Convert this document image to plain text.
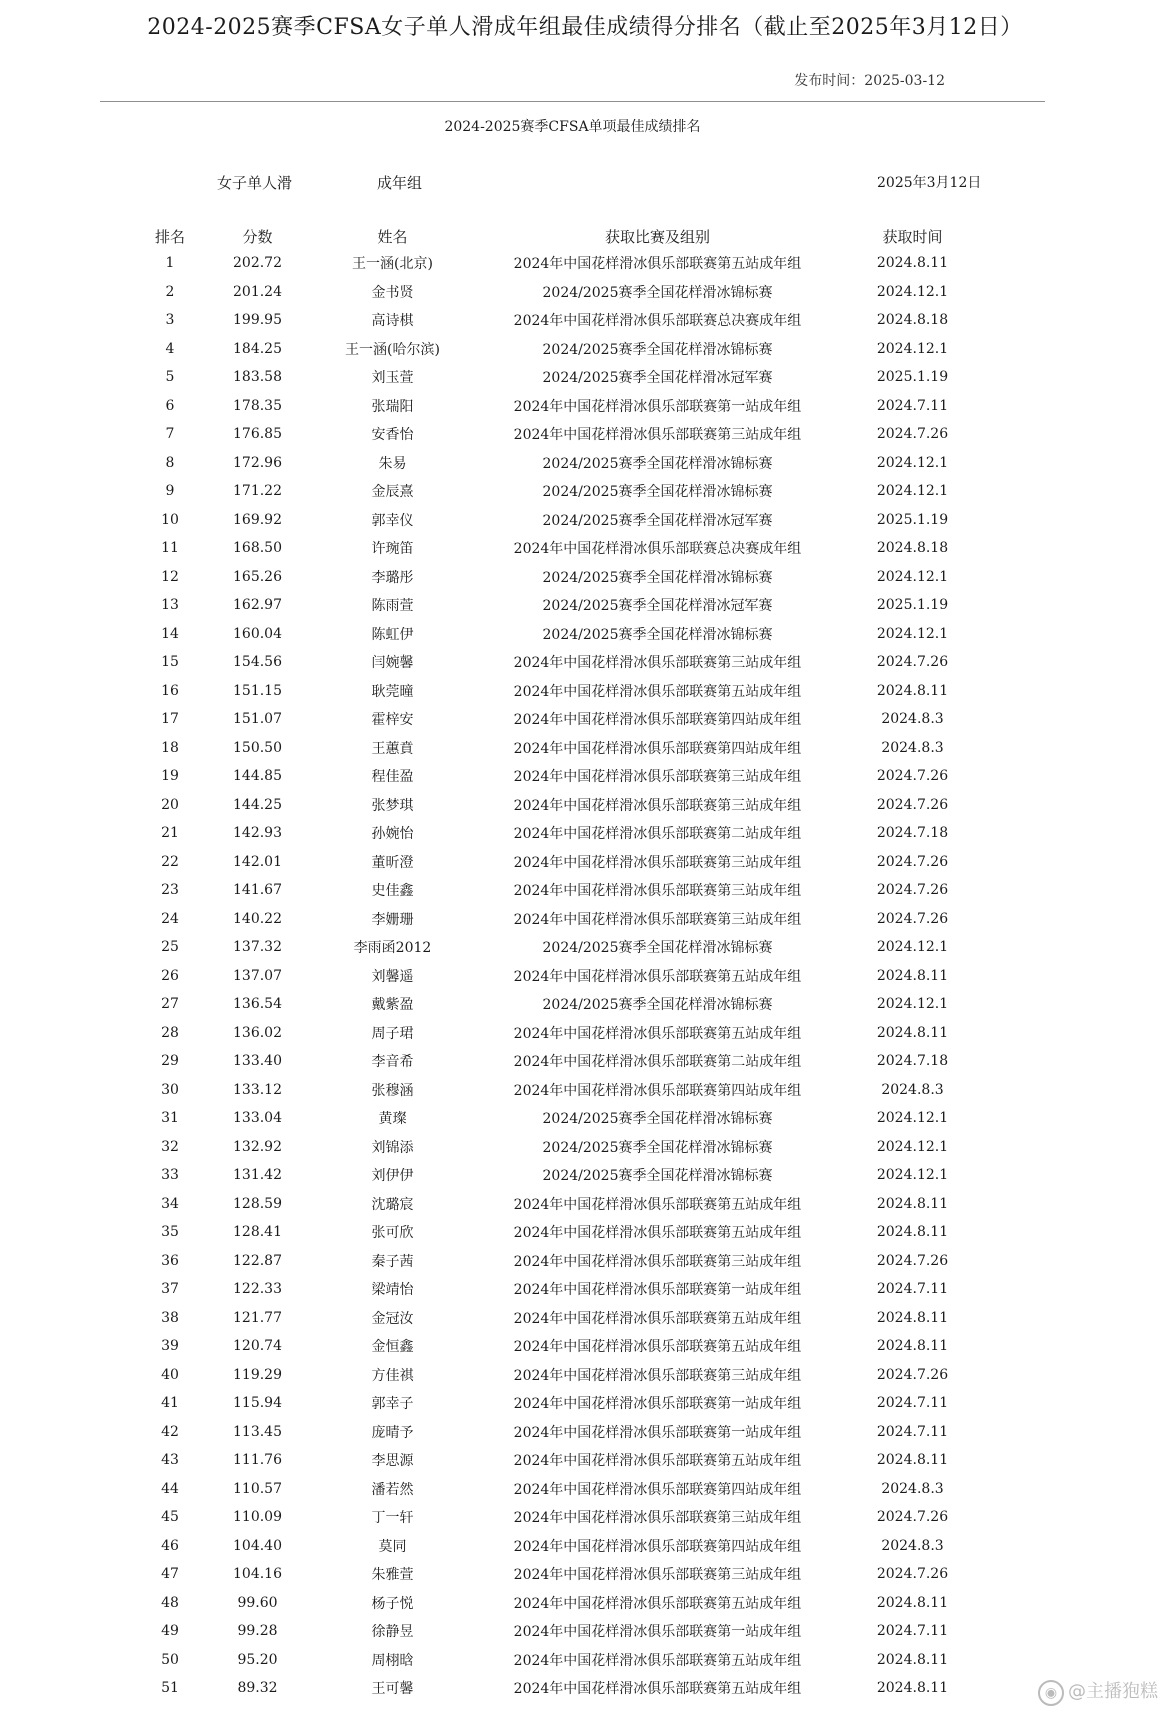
2024-2025赛季CFSA女子单人滑成年组最佳成绩得分排名（截止至2025年3月12日）
发布时间：2025-03-12
2024-2025赛季CFSA单项最佳成绩排名
女子单人滑	成年组	2025年3月12日
排名	分数	姓名	获取比赛及组别	获取时间
1	202.72	王一涵(北京)	2024年中国花样滑冰俱乐部联赛第五站成年组	2024.8.11
2	201.24	金书贤	2024/2025赛季全国花样滑冰锦标赛	2024.12.1
3	199.95	高诗棋	2024年中国花样滑冰俱乐部联赛总决赛成年组	2024.8.18
4	184.25	王一涵(哈尔滨)	2024/2025赛季全国花样滑冰锦标赛	2024.12.1
5	183.58	刘玉萱	2024/2025赛季全国花样滑冰冠军赛	2025.1.19
6	178.35	张瑞阳	2024年中国花样滑冰俱乐部联赛第一站成年组	2024.7.11
7	176.85	安香怡	2024年中国花样滑冰俱乐部联赛第三站成年组	2024.7.26
8	172.96	朱易	2024/2025赛季全国花样滑冰锦标赛	2024.12.1
9	171.22	金辰熹	2024/2025赛季全国花样滑冰锦标赛	2024.12.1
10	169.92	郭幸仪	2024/2025赛季全国花样滑冰冠军赛	2025.1.19
11	168.50	许琬笛	2024年中国花样滑冰俱乐部联赛总决赛成年组	2024.8.18
12	165.26	李璐彤	2024/2025赛季全国花样滑冰锦标赛	2024.12.1
13	162.97	陈雨萱	2024/2025赛季全国花样滑冰冠军赛	2025.1.19
14	160.04	陈虹伊	2024/2025赛季全国花样滑冰锦标赛	2024.12.1
15	154.56	闫婉馨	2024年中国花样滑冰俱乐部联赛第三站成年组	2024.7.26
16	151.15	耿莞曈	2024年中国花样滑冰俱乐部联赛第五站成年组	2024.8.11
17	151.07	霍梓安	2024年中国花样滑冰俱乐部联赛第四站成年组	2024.8.3
18	150.50	王蕙賁	2024年中国花样滑冰俱乐部联赛第四站成年组	2024.8.3
19	144.85	程佳盈	2024年中国花样滑冰俱乐部联赛第三站成年组	2024.7.26
20	144.25	张梦琪	2024年中国花样滑冰俱乐部联赛第三站成年组	2024.7.26
21	142.93	孙婉怡	2024年中国花样滑冰俱乐部联赛第二站成年组	2024.7.18
22	142.01	董昕澄	2024年中国花样滑冰俱乐部联赛第三站成年组	2024.7.26
23	141.67	史佳鑫	2024年中国花样滑冰俱乐部联赛第三站成年组	2024.7.26
24	140.22	李姗珊	2024年中国花样滑冰俱乐部联赛第三站成年组	2024.7.26
25	137.32	李雨函2012	2024/2025赛季全国花样滑冰锦标赛	2024.12.1
26	137.07	刘馨遥	2024年中国花样滑冰俱乐部联赛第五站成年组	2024.8.11
27	136.54	戴紫盈	2024/2025赛季全国花样滑冰锦标赛	2024.12.1
28	136.02	周子珺	2024年中国花样滑冰俱乐部联赛第五站成年组	2024.8.11
29	133.40	李音希	2024年中国花样滑冰俱乐部联赛第二站成年组	2024.7.18
30	133.12	张穆涵	2024年中国花样滑冰俱乐部联赛第四站成年组	2024.8.3
31	133.04	黄璨	2024/2025赛季全国花样滑冰锦标赛	2024.12.1
32	132.92	刘锦添	2024/2025赛季全国花样滑冰锦标赛	2024.12.1
33	131.42	刘伊伊	2024/2025赛季全国花样滑冰锦标赛	2024.12.1
34	128.59	沈璐宸	2024年中国花样滑冰俱乐部联赛第五站成年组	2024.8.11
35	128.41	张可欣	2024年中国花样滑冰俱乐部联赛第五站成年组	2024.8.11
36	122.87	秦子茜	2024年中国花样滑冰俱乐部联赛第三站成年组	2024.7.26
37	122.33	梁靖怡	2024年中国花样滑冰俱乐部联赛第一站成年组	2024.7.11
38	121.77	金冠汝	2024年中国花样滑冰俱乐部联赛第五站成年组	2024.8.11
39	120.74	金恒鑫	2024年中国花样滑冰俱乐部联赛第五站成年组	2024.8.11
40	119.29	方佳祺	2024年中国花样滑冰俱乐部联赛第三站成年组	2024.7.26
41	115.94	郭幸子	2024年中国花样滑冰俱乐部联赛第一站成年组	2024.7.11
42	113.45	庞晴予	2024年中国花样滑冰俱乐部联赛第一站成年组	2024.7.11
43	111.76	李思源	2024年中国花样滑冰俱乐部联赛第五站成年组	2024.8.11
44	110.57	潘若然	2024年中国花样滑冰俱乐部联赛第四站成年组	2024.8.3
45	110.09	丁一轩	2024年中国花样滑冰俱乐部联赛第三站成年组	2024.7.26
46	104.40	莫同	2024年中国花样滑冰俱乐部联赛第四站成年组	2024.8.3
47	104.16	朱雅萱	2024年中国花样滑冰俱乐部联赛第三站成年组	2024.7.26
48	99.60	杨子悦	2024年中国花样滑冰俱乐部联赛第五站成年组	2024.8.11
49	99.28	徐静昱	2024年中国花样滑冰俱乐部联赛第一站成年组	2024.7.11
50	95.20	周栩晗	2024年中国花样滑冰俱乐部联赛第五站成年组	2024.8.11
51	89.32	王可馨	2024年中国花样滑冰俱乐部联赛第五站成年组	2024.8.11	◉ @主播狍糕
